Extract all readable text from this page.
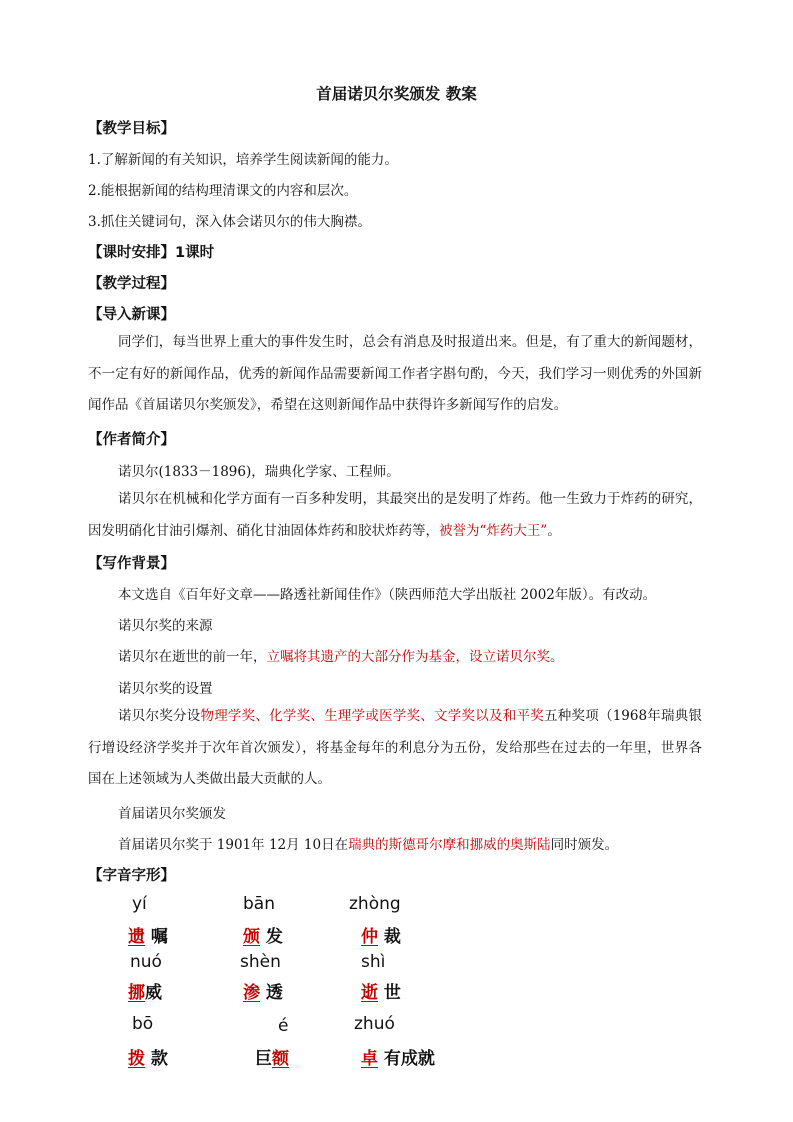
首届诺贝尔奖颁发 教案
【教学目标】
1.了解新闻的有关知识，培养学生阅读新闻的能力。
2.能根据新闻的结构理清课文的内容和层次。
3.抓住关键词句，深入体会诺贝尔的伟大胸襟。
【课时安排】1课时
【教学过程】
【导入新课】
同学们，每当世界上重大的事件发生时，总会有消息及时报道出来。但是，有了重大的新闻题材，不一定有好的新闻作品，优秀的新闻作品需要新闻工作者字斟句酌，今天，我们学习一则优秀的外国新闻作品《首届诺贝尔奖颁发》，希望在这则新闻作品中获得许多新闻写作的启发。
【作者简介】
诺贝尔(1833－1896)，瑞典化学家、工程师。
诺贝尔在机械和化学方面有一百多种发明，其最突出的是发明了炸药。他一生致力于炸药的研究，因发明硝化甘油引爆剂、硝化甘油固体炸药和胶状炸药等，被誉为“炸药大王”。
【写作背景】
本文选自《百年好文章——路透社新闻佳作》（陕西师范大学出版社 2002年版）。有改动。
诺贝尔奖的来源
诺贝尔在逝世的前一年，立嘱将其遗产的大部分作为基金，设立诺贝尔奖。
诺贝尔奖的设置
诺贝尔奖分设物理学奖、化学奖、生理学或医学奖、文学奖以及和平奖五种奖项（1968年瑞典银行增设经济学奖并于次年首次颁发），将基金每年的利息分为五份，发给那些在过去的一年里，世界各国在上述领域为人类做出最大贡献的人。
首届诺贝尔奖颁发
首届诺贝尔奖于 1901年 12月 10日在瑞典的斯德哥尔摩和挪威的奥斯陆同时颁发。
【字音字形】
yí
遗 嘱
bān
颁 发
zhòng
仲 裁
nuó
挪威
shèn
渗 透
shì
逝 世
bō
拨 款
é
巨额
zhuó
卓 有成就
